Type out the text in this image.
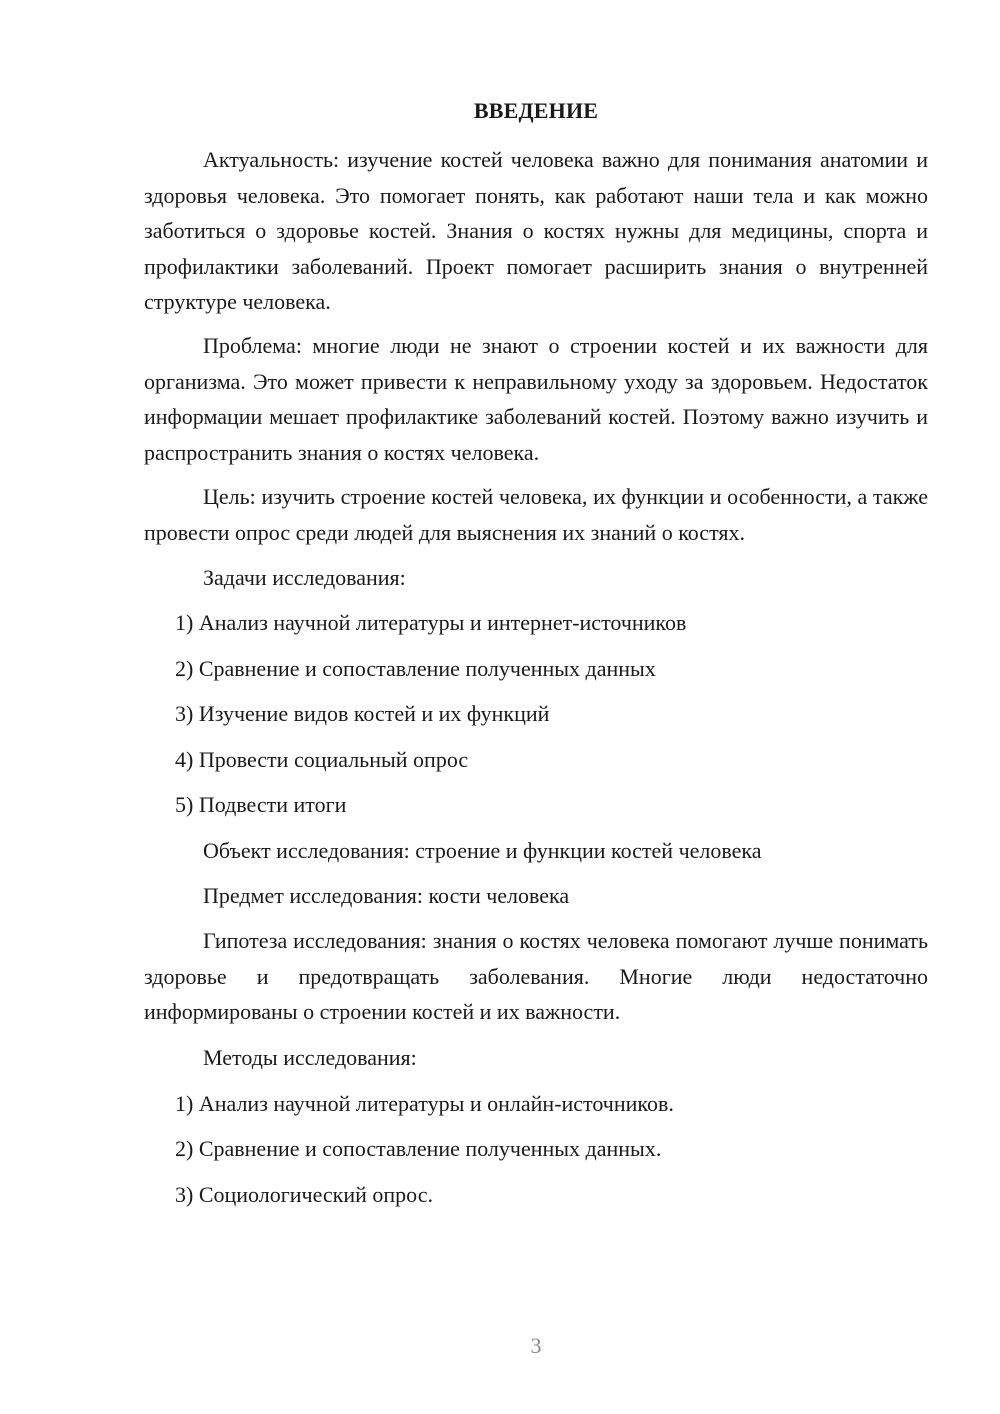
ВВЕДЕНИЕ

Актуальность: изучение костей человека важно для понимания анатомии и здоровья человека. Это помогает понять, как работают наши тела и как можно заботиться о здоровье костей. Знания о костях нужны для медицины, спорта и профилактики заболеваний. Проект помогает расширить знания о внутренней структуре человека.

Проблема: многие люди не знают о строении костей и их важности для организма. Это может привести к неправильному уходу за здоровьем. Недостаток информации мешает профилактике заболеваний костей. Поэтому важно изучить и распространить знания о костях человека.

Цель: изучить строение костей человека, их функции и особенности, а также провести опрос среди людей для выяснения их знаний о костях.

Задачи исследования:
1) Анализ научной литературы и интернет-источников
2) Сравнение и сопоставление полученных данных
3) Изучение видов костей и их функций
4) Провести социальный опрос
5) Подвести итоги
Объект исследования: строение и функции костей человека
Предмет исследования: кости человека

Гипотеза исследования: знания о костях человека помогают лучше понимать здоровье и предотвращать заболевания. Многие люди недостаточно информированы о строении костей и их важности.

Методы исследования:
1) Анализ научной литературы и онлайн-источников.
2) Сравнение и сопоставление полученных данных.
3) Социологический опрос.
3
